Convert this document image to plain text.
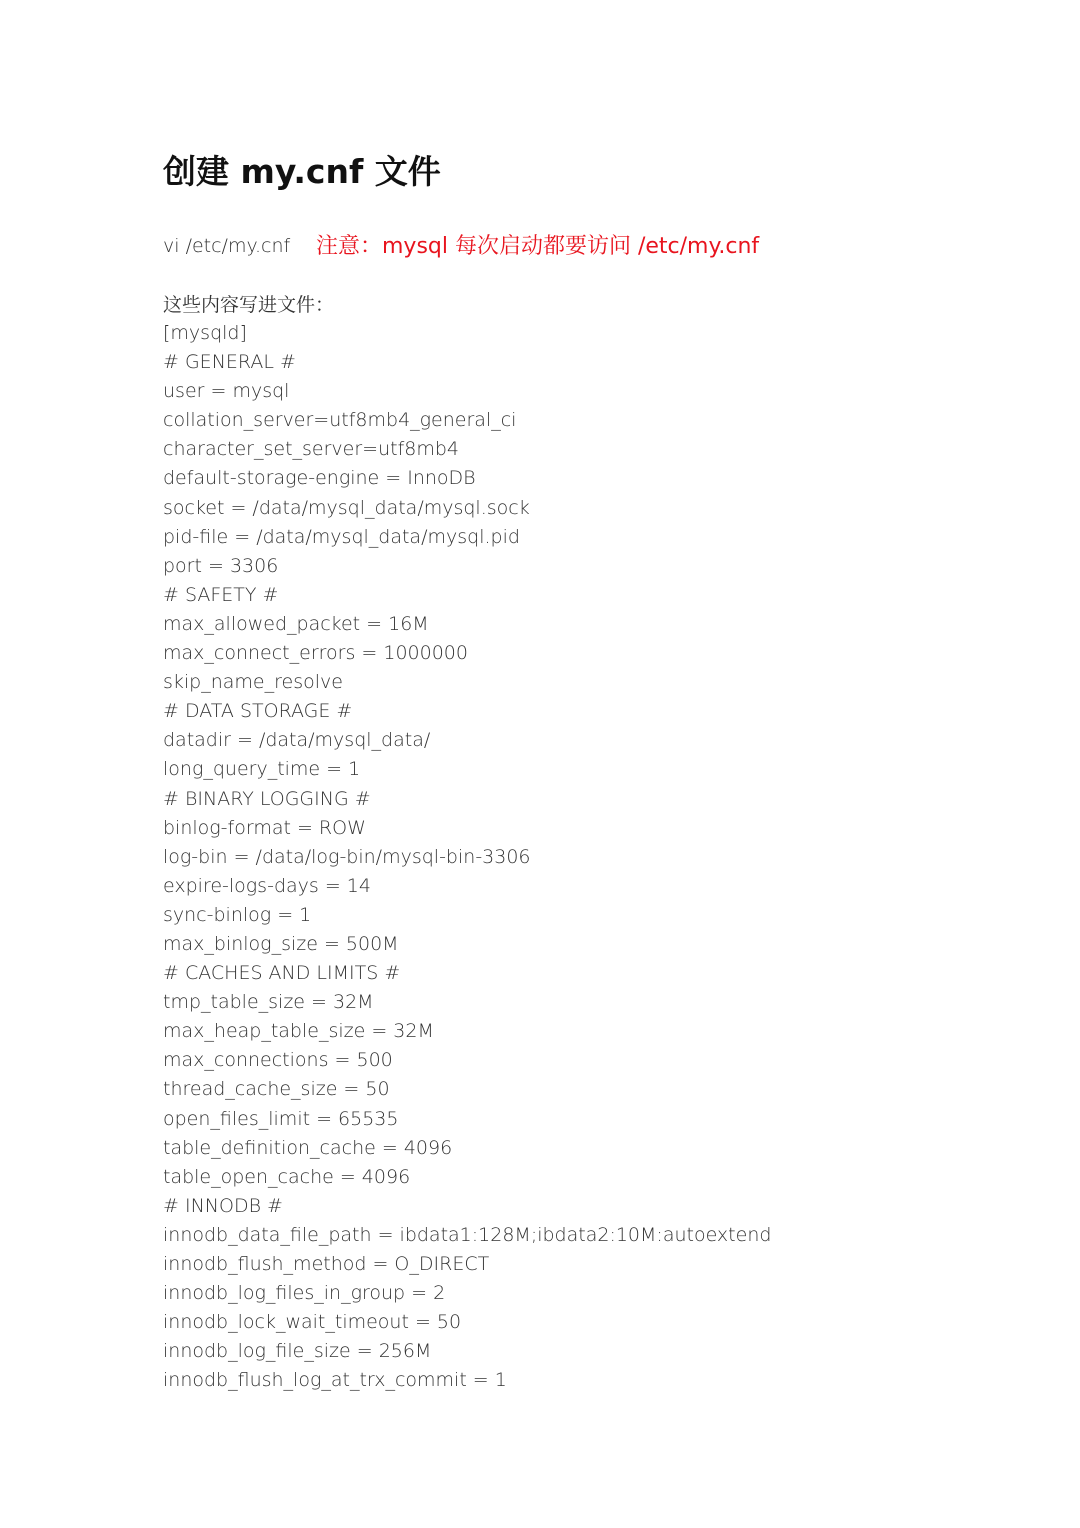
创建 my.cnf 文件
vi /etc/my.cnf 注意：mysql 每次启动都要访问 /etc/my.cnf
这些内容写进文件：
[mysqld]
# GENERAL #
user = mysql
collation_server=utf8mb4_general_ci
character_set_server=utf8mb4
default-storage-engine = InnoDB
socket = /data/mysql_data/mysql.sock
pid-file = /data/mysql_data/mysql.pid
port = 3306
# SAFETY #
max_allowed_packet = 16M
max_connect_errors = 1000000
skip_name_resolve
# DATA STORAGE #
datadir = /data/mysql_data/
long_query_time = 1
# BINARY LOGGING #
binlog-format = ROW
log-bin = /data/log-bin/mysql-bin-3306
expire-logs-days = 14
sync-binlog = 1
max_binlog_size = 500M
# CACHES AND LIMITS #
tmp_table_size = 32M
max_heap_table_size = 32M
max_connections = 500
thread_cache_size = 50
open_files_limit = 65535
table_definition_cache = 4096
table_open_cache = 4096
# INNODB #
innodb_data_file_path = ibdata1:128M;ibdata2:10M:autoextend
innodb_flush_method = O_DIRECT
innodb_log_files_in_group = 2
innodb_lock_wait_timeout = 50
innodb_log_file_size = 256M
innodb_flush_log_at_trx_commit = 1
